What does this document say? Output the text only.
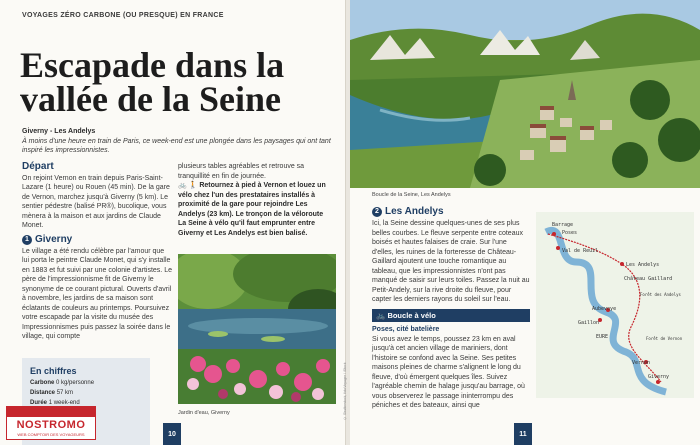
VOYAGES ZÉRO CARBONE (OU PRESQUE) EN FRANCE
Escapade dans la vallée de la Seine
Giverny - Les Andelys
À moins d'une heure en train de Paris, ce week-end est une plongée dans les paysages qui ont tant inspiré les impressionnistes.
Départ

On rejoint Vernon en train depuis Paris-Saint-Lazare (1 heure) ou Rouen (45 min). De la gare de Vernon, marchez jusqu'à Giverny (5 km). Le sentier pédestre (balisé PR®), bucolique, vous mènera à la maison et aux jardins de Claude Monet.

1 Giverny

Le village a été rendu célèbre par l'amour que lui porta le peintre Claude Monet, qui s'y installe en 1883 et fut suivi par une colonie d'artistes. Le père de l'impressionnisme fit de Giverny le synonyme de ce courant pictural. Ouverts d'avril à novembre, les jardins de sa maison sont éclatants de couleurs au printemps. Poursuivez votre escapade par la visite du musée des Impressionnismes puis passez la soirée dans le village, qui compte

plusieurs tables agréables et retrouve sa tranquillité en fin de journée.

🚲 🚶 Retournez à pied à Vernon et louez un vélo chez l'un des prestataires installés à proximité de la gare pour rejoindre Les Andelys (23 km). Le tronçon de la véloroute La Seine à vélo qu'il faut emprunter entre Giverny et Les Andelys est bien balisé.

En chiffres
Carbone 0 kg/personne
Distance 57 km
Durée 1 week-end
Jardin d'eau, Giverny
NOSTROMO
WEB COMPTOIR DES VOYAGEURS	10
© Shutterstock, fotoVoyager / iStock
Boucle de la Seine, Les Andelys
2 Les Andelys

Ici, la Seine dessine quelques-unes de ses plus belles courbes. Le fleuve serpente entre coteaux boisés et hautes falaises de craie. Sur l'une d'elles, les ruines de la forteresse de Château-Gaillard ajoutent une touche romantique au tableau, que les impressionnistes n'ont pas manqué de saisir sur leurs toiles. Passez la nuit au Petit-Andely, sur la rive droite du fleuve, pour capter les derniers rayons du soleil sur l'eau.

🚲 Boucle à vélo

Poses, cité batelière

Si vous avez le temps, poussez 23 km en aval jusqu'à cet ancien village de mariniers, dont l'histoire se confond avec la Seine. Ses petites maisons pleines de charme s'alignent le long du fleuve, d'où émergent quelques îles. Suivez l'agréable chemin de halage jusqu'au barrage, où vous observerez le passage ininterrompu des péniches et des bateaux, ainsi que

Barrage
Poses
Val de Reuil
Les Andelys
Château Gaillard
Aubevoye
Gaillon
EURE
Vernon
Giverny
Forêt de Vernon
Forêt des Andelys
11
